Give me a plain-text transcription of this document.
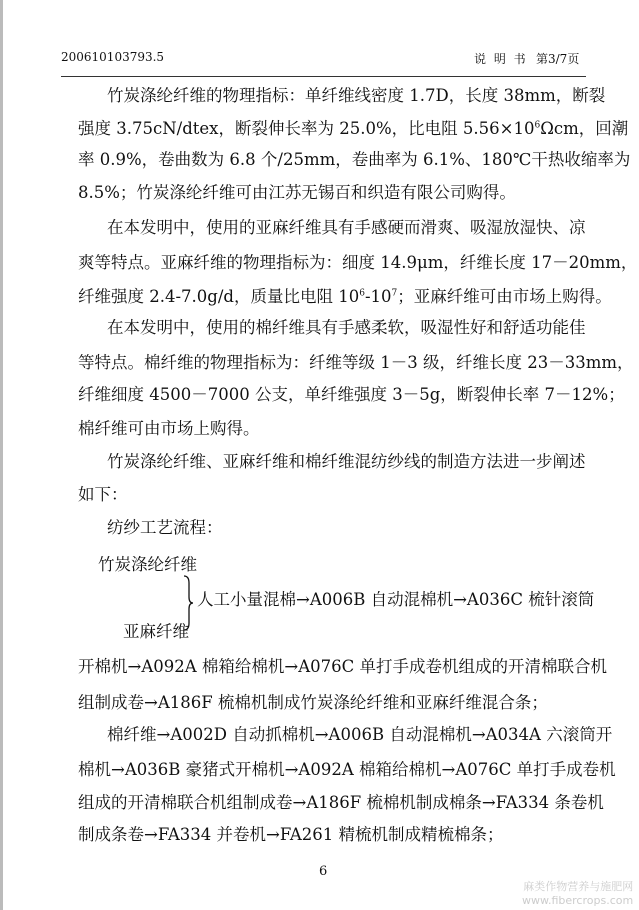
200610103793.5	说 明 书 第3/7页
竹炭涤纶纤维的物理指标：单纤维线密度 1.7D，长度 38mm，断裂
强度 3.75cN/dtex，断裂伸长率为 25.0%，比电阻 $5.56\times 10^6\Omega cm$，回潮
率 0.9%，卷曲数为 6.8 个/25mm，卷曲率为 6.1%、180℃干热收缩率为
8.5%；竹炭涤纶纤维可由江苏无锡百和织造有限公司购得。
在本发明中，使用的亚麻纤维具有手感硬而滑爽、吸湿放湿快、凉
爽等特点。亚麻纤维的物理指标为：细度 14.9μm，纤维长度 17－20mm，
纤维强度 2.4-7.0g/d，质量比电阻 $10^6-10^7$；亚麻纤维可由市场上购得。
在本发明中，使用的棉纤维具有手感柔软，吸湿性好和舒适功能佳
等特点。棉纤维的物理指标为：纤维等级 1－3 级，纤维长度 23－33mm，
纤维细度 4500－7000 公支，单纤维强度 3－5g，断裂伸长率 7－12%；
棉纤维可由市场上购得。
竹炭涤纶纤维、亚麻纤维和棉纤维混纺纱线的制造方法进一步阐述
如下：
纺纱工艺流程：
竹炭涤纶纤维
人工小量混棉→A006B 自动混棉机→A036C 梳针滚筒
亚麻纤维
开棉机→A092A 棉箱给棉机→A076C 单打手成卷机组成的开清棉联合机
组制成卷→A186F 梳棉机制成竹炭涤纶纤维和亚麻纤维混合条；
棉纤维→A002D 自动抓棉机→A006B 自动混棉机→A034A 六滚筒开
棉机→A036B 豪猪式开棉机→A092A 棉箱给棉机→A076C 单打手成卷机
组成的开清棉联合机组制成卷→A186F 梳棉机制成棉条→FA334 条卷机
制成条卷→FA334 并卷机→FA261 精梳机制成精梳棉条；
6
麻类作物营养与施肥网
www.fibercrops.com
